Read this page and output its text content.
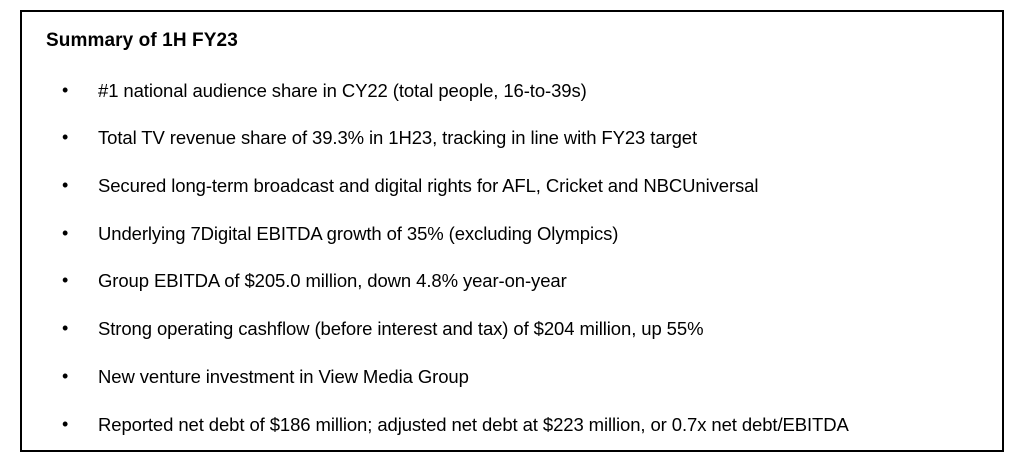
Summary of 1H FY23
• #1 national audience share in CY22 (total people, 16-to-39s)
• Total TV revenue share of 39.3% in 1H23, tracking in line with FY23 target
• Secured long-term broadcast and digital rights for AFL, Cricket and NBCUniversal
• Underlying 7Digital EBITDA growth of 35% (excluding Olympics)
• Group EBITDA of $205.0 million, down 4.8% year-on-year
• Strong operating cashflow (before interest and tax) of $204 million, up 55%
• New venture investment in View Media Group
• Reported net debt of $186 million; adjusted net debt at $223 million, or 0.7x net debt/EBITDA
